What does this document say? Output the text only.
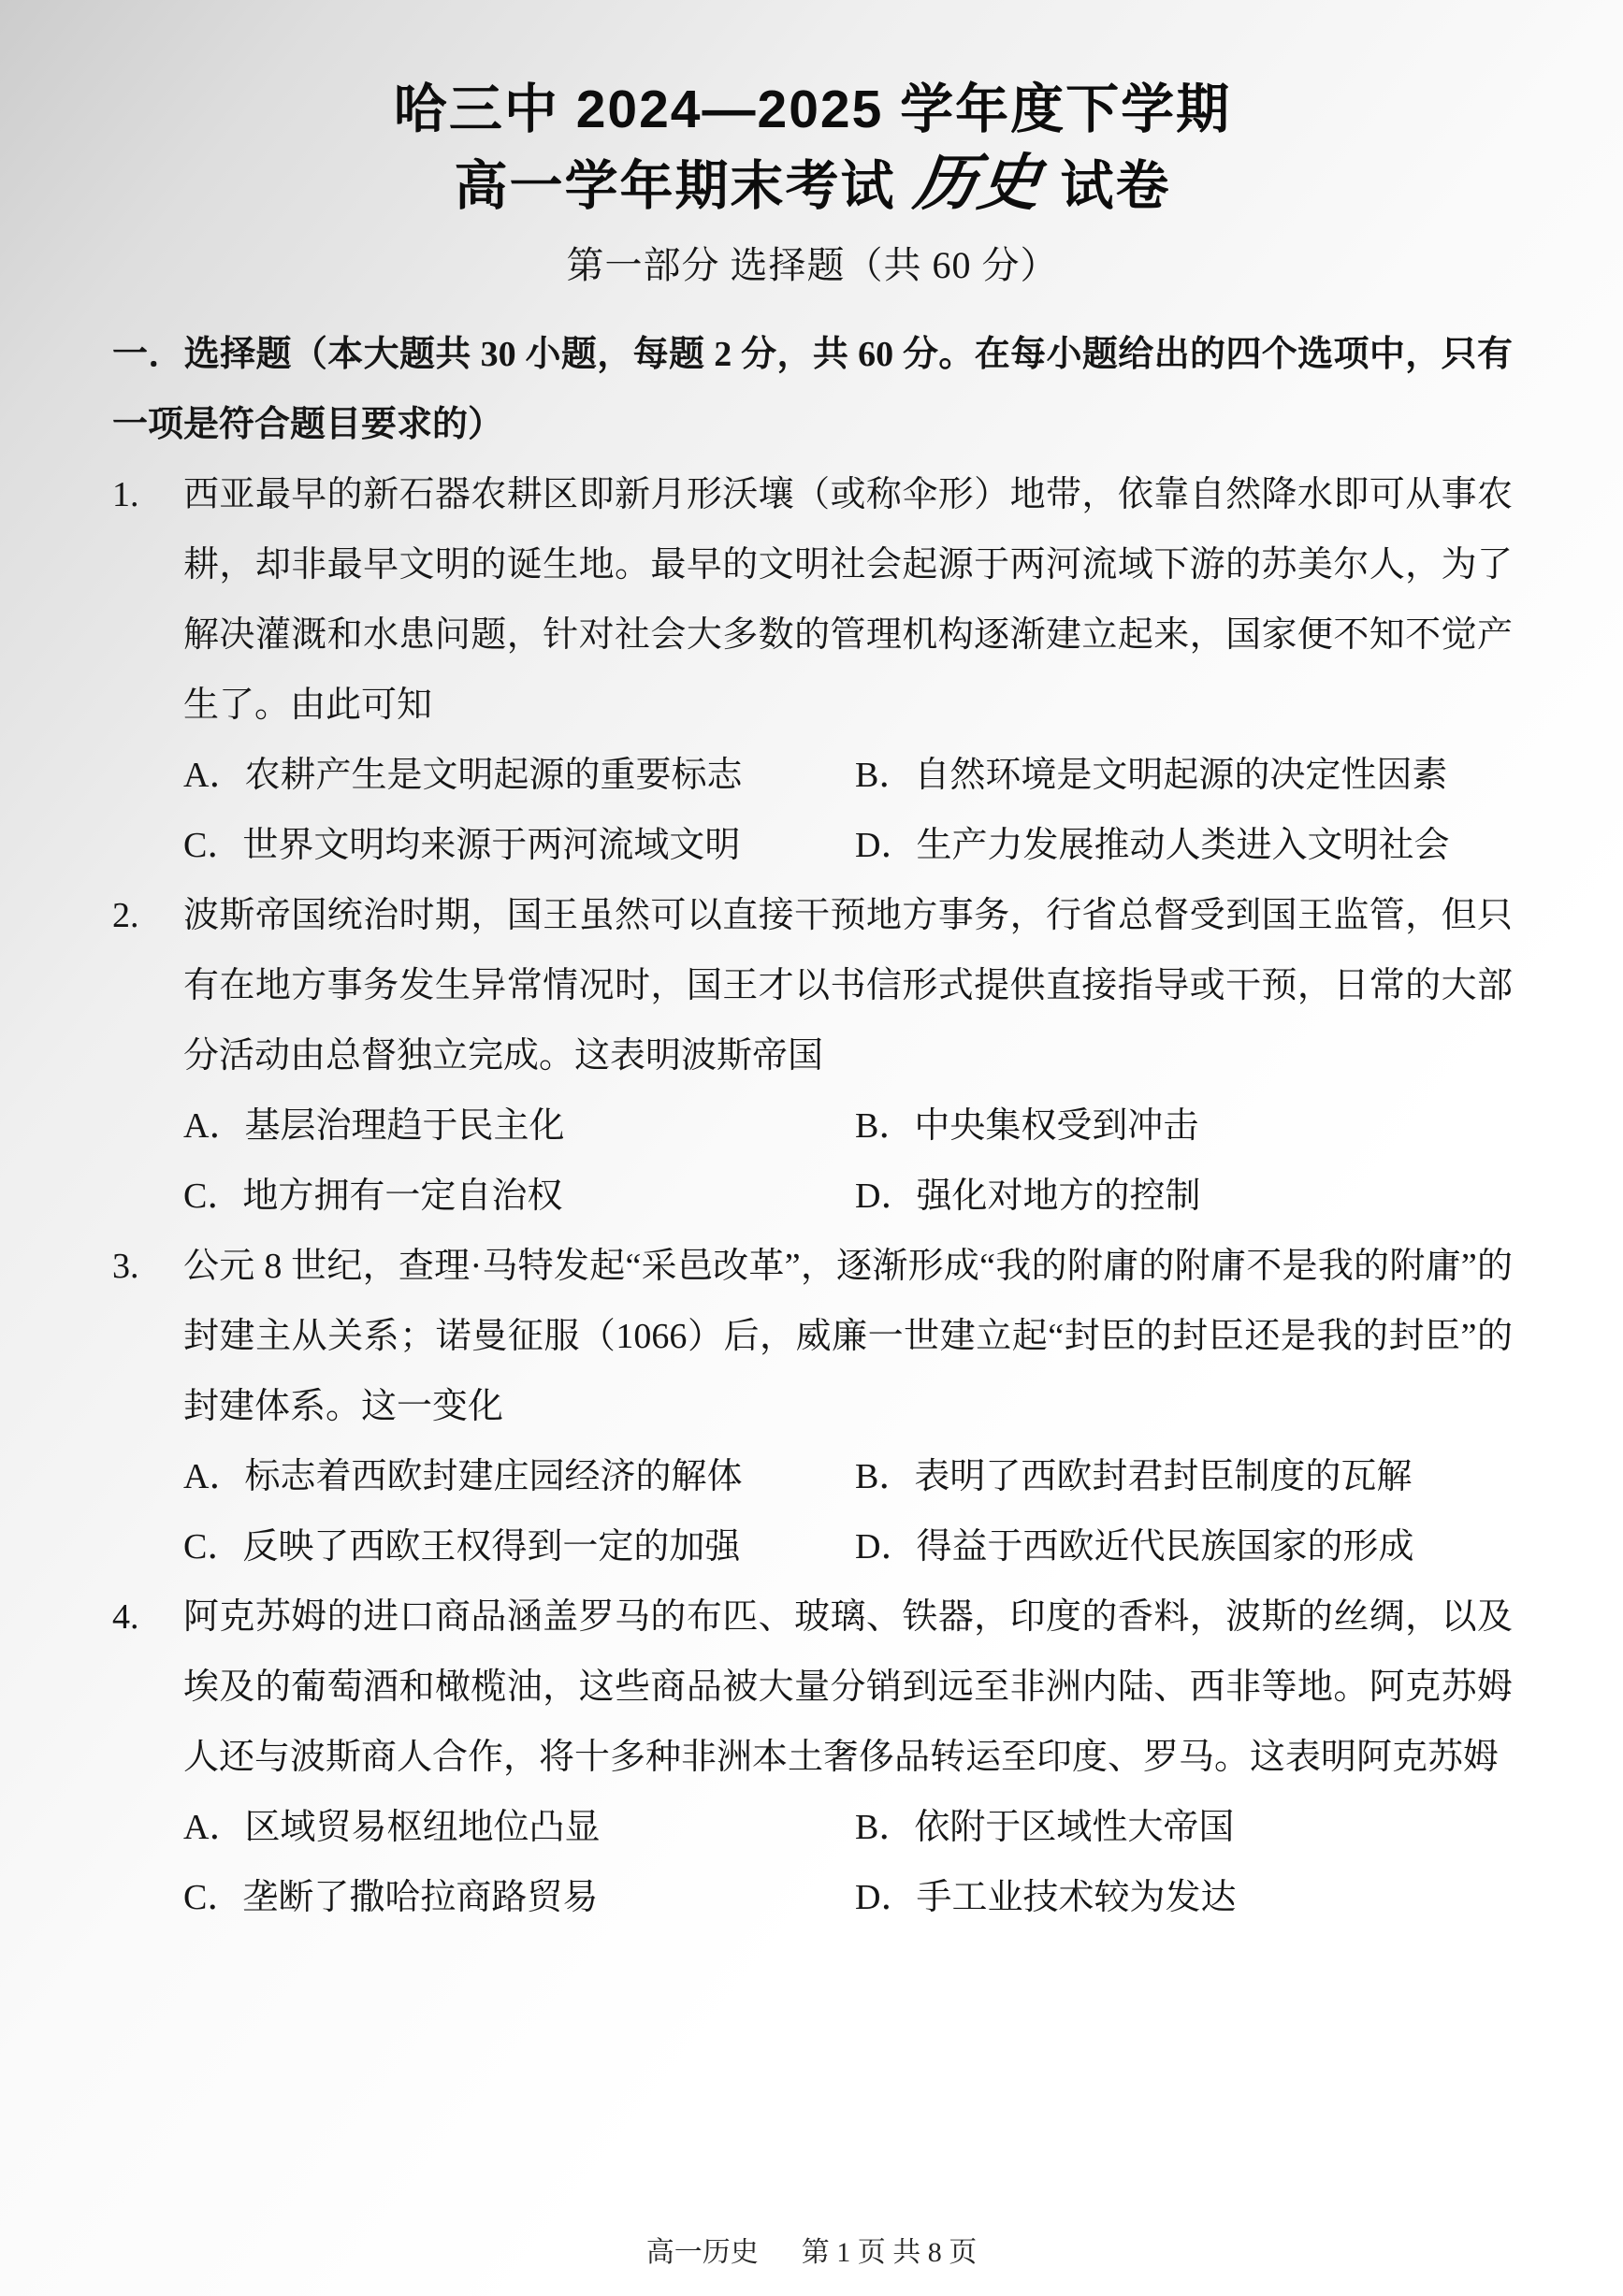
哈三中 2024—2025 学年度下学期
高一学年期末考试 历史 试卷
第一部分 选择题（共 60 分）

一．选择题（本大题共 30 小题，每题 2 分，共 60 分。在每小题给出的四个选项中，只有一项是符合题目要求的）

1.	西亚最早的新石器农耕区即新月形沃壤（或称伞形）地带，依靠自然降水即可从事农耕，却非最早文明的诞生地。最早的文明社会起源于两河流域下游的苏美尔人，为了解决灌溉和水患问题，针对社会大多数的管理机构逐渐建立起来，国家便不知不觉产生了。由此可知
A．农耕产生是文明起源的重要标志	B．自然环境是文明起源的决定性因素
C．世界文明均来源于两河流域文明	D．生产力发展推动人类进入文明社会
2.	波斯帝国统治时期，国王虽然可以直接干预地方事务，行省总督受到国王监管，但只有在地方事务发生异常情况时，国王才以书信形式提供直接指导或干预，日常的大部分活动由总督独立完成。这表明波斯帝国
A．基层治理趋于民主化	B．中央集权受到冲击
C．地方拥有一定自治权	D．强化对地方的控制
3.	公元 8 世纪，查理·马特发起“采邑改革”，逐渐形成“我的附庸的附庸不是我的附庸”的封建主从关系；诺曼征服（1066）后，威廉一世建立起“封臣的封臣还是我的封臣”的封建体系。这一变化
A．标志着西欧封建庄园经济的解体	B．表明了西欧封君封臣制度的瓦解
C．反映了西欧王权得到一定的加强	D．得益于西欧近代民族国家的形成
4.	阿克苏姆的进口商品涵盖罗马的布匹、玻璃、铁器，印度的香料，波斯的丝绸，以及埃及的葡萄酒和橄榄油，这些商品被大量分销到远至非洲内陆、西非等地。阿克苏姆人还与波斯商人合作，将十多种非洲本土奢侈品转运至印度、罗马。这表明阿克苏姆
A．区域贸易枢纽地位凸显	B．依附于区域性大帝国
C．垄断了撒哈拉商路贸易	D．手工业技术较为发达
高一历史 第 1 页 共 8 页
